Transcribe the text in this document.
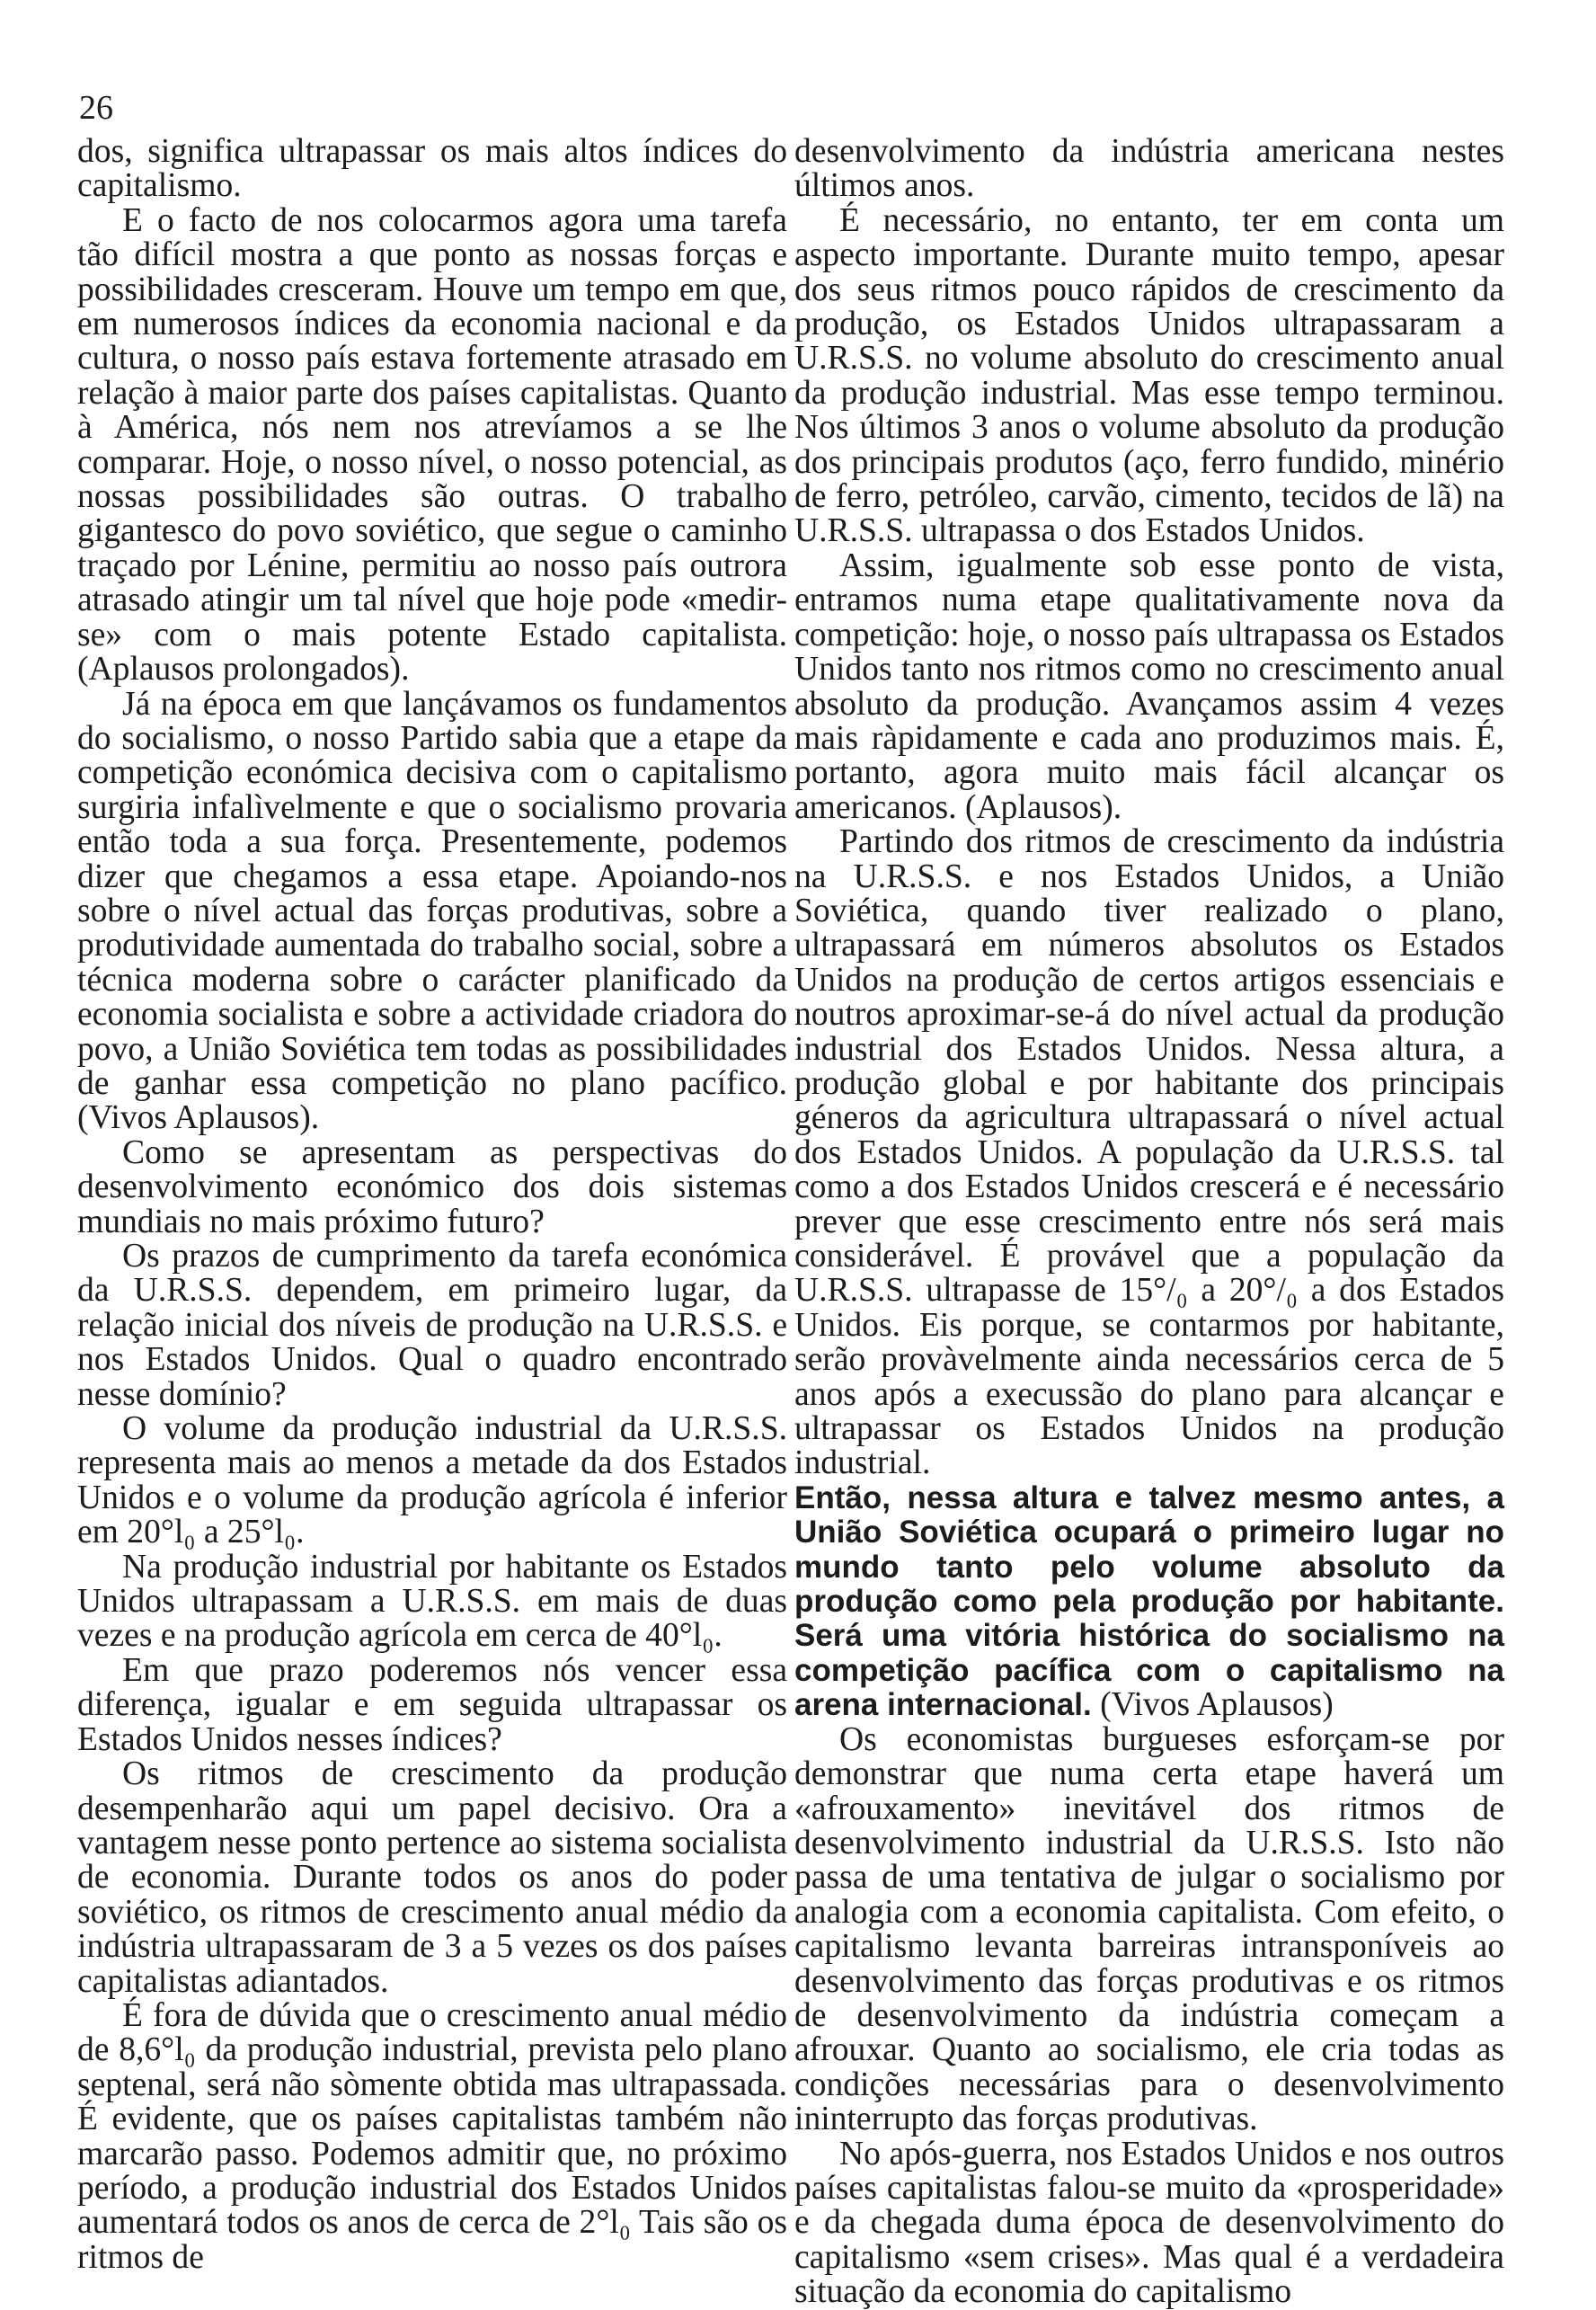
26

dos, significa ultrapassar os mais altos índices do capitalismo.

E o facto de nos colocarmos agora uma tarefa tão difícil mostra a que ponto as nossas forças e possibilidades cresceram. Houve um tempo em que, em numerosos índices da economia nacional e da cultura, o nosso país estava fortemente atrasado em relação à maior parte dos países capitalistas. Quanto à América, nós nem nos atrevíamos a se lhe comparar. Hoje, o nosso nível, o nosso potencial, as nossas possibilidades são outras. O trabalho gigantesco do povo soviético, que segue o caminho traçado por Lénine, permitiu ao nosso país outrora atrasado atingir um tal nível que hoje pode «medir-se» com o mais potente Estado capitalista. (Aplausos prolongados).

Já na época em que lançávamos os fundamentos do socialismo, o nosso Partido sabia que a etape da competição económica decisiva com o capitalismo surgiria infalìvelmente e que o socialismo provaria então toda a sua força. Presentemente, podemos dizer que chegamos a essa etape. Apoiando-nos sobre o nível actual das forças produtivas, sobre a produtividade aumentada do trabalho social, sobre a técnica moderna sobre o carácter planificado da economia socialista e sobre a actividade criadora do povo, a União Soviética tem todas as possibilidades de ganhar essa competição no plano pacífico. (Vivos Aplausos).

Como se apresentam as perspectivas do desenvolvimento económico dos dois sistemas mundiais no mais próximo futuro?

Os prazos de cumprimento da tarefa económica da U.R.S.S. dependem, em primeiro lugar, da relação inicial dos níveis de produção na U.R.S.S. e nos Estados Unidos. Qual o quadro encontrado nesse domínio?

O volume da produção industrial da U.R.S.S. representa mais ao menos a metade da dos Estados Unidos e o volume da produção agrícola é inferior em 20°l₀ a 25°l₀.

Na produção industrial por habitante os Estados Unidos ultrapassam a U.R.S.S. em mais de duas vezes e na produção agrícola em cerca de 40°l₀.

Em que prazo poderemos nós vencer essa diferença, igualar e em seguida ultrapassar os Estados Unidos nesses índices?

Os ritmos de crescimento da produção desempenharão aqui um papel decisivo. Ora a vantagem nesse ponto pertence ao sistema socialista de economia. Durante todos os anos do poder soviético, os ritmos de crescimento anual médio da indústria ultrapassaram de 3 a 5 vezes os dos países capitalistas adiantados.

É fora de dúvida que o crescimento anual médio de 8,6°l₀ da produção industrial, prevista pelo plano septenal, será não sòmente obtida mas ultrapassada. É evidente, que os países capitalistas também não marcarão passo. Podemos admitir que, no próximo período, a produção industrial dos Estados Unidos aumentará todos os anos de cerca de 2°l₀ Tais são os ritmos de

desenvolvimento da indústria americana nestes últimos anos.

É necessário, no entanto, ter em conta um aspecto importante. Durante muito tempo, apesar dos seus ritmos pouco rápidos de crescimento da produção, os Estados Unidos ultrapassaram a U.R.S.S. no volume absoluto do crescimento anual da produção industrial. Mas esse tempo terminou. Nos últimos 3 anos o volume absoluto da produção dos principais produtos (aço, ferro fundido, minério de ferro, petróleo, carvão, cimento, tecidos de lã) na U.R.S.S. ultrapassa o dos Estados Unidos.

Assim, igualmente sob esse ponto de vista, entramos numa etape qualitativamente nova da competição: hoje, o nosso país ultrapassa os Estados Unidos tanto nos ritmos como no crescimento anual absoluto da produção. Avançamos assim 4 vezes mais ràpidamente e cada ano produzimos mais. É, portanto, agora muito mais fácil alcançar os americanos. (Aplausos).

Partindo dos ritmos de crescimento da indústria na U.R.S.S. e nos Estados Unidos, a União Soviética, quando tiver realizado o plano, ultrapassará em números absolutos os Estados Unidos na produção de certos artigos essenciais e noutros aproximar-se-á do nível actual da produção industrial dos Estados Unidos. Nessa altura, a produção global e por habitante dos principais géneros da agricultura ultrapassará o nível actual dos Estados Unidos. A população da U.R.S.S. tal como a dos Estados Unidos crescerá e é necessário prever que esse crescimento entre nós será mais considerável. É provável que a população da U.R.S.S. ultrapasse de 15°/₀ a 20°/₀ a dos Estados Unidos. Eis porque, se contarmos por habitante, serão provàvelmente ainda necessários cerca de 5 anos após a execussão do plano para alcançar e ultrapassar os Estados Unidos na produção industrial.

Então, nessa altura e talvez mesmo antes, a União Soviética ocupará o primeiro lugar no mundo tanto pelo volume absoluto da produção como pela produção por habitante. Será uma vitória histórica do socialismo na competição pacífica com o capitalismo na arena internacional. (Vivos Aplausos)

Os economistas burgueses esforçam-se por demonstrar que numa certa etape haverá um «afrouxamento» inevitável dos ritmos de desenvolvimento industrial da U.R.S.S. Isto não passa de uma tentativa de julgar o socialismo por analogia com a economia capitalista. Com efeito, o capitalismo levanta barreiras intransponíveis ao desenvolvimento das forças produtivas e os ritmos de desenvolvimento da indústria começam a afrouxar. Quanto ao socialismo, ele cria todas as condições necessárias para o desenvolvimento ininterrupto das forças produtivas.

No após-guerra, nos Estados Unidos e nos outros países capitalistas falou-se muito da «prosperidade» e da chegada duma época de desenvolvimento do capitalismo «sem crises». Mas qual é a verdadeira situação da economia do capitalismo
